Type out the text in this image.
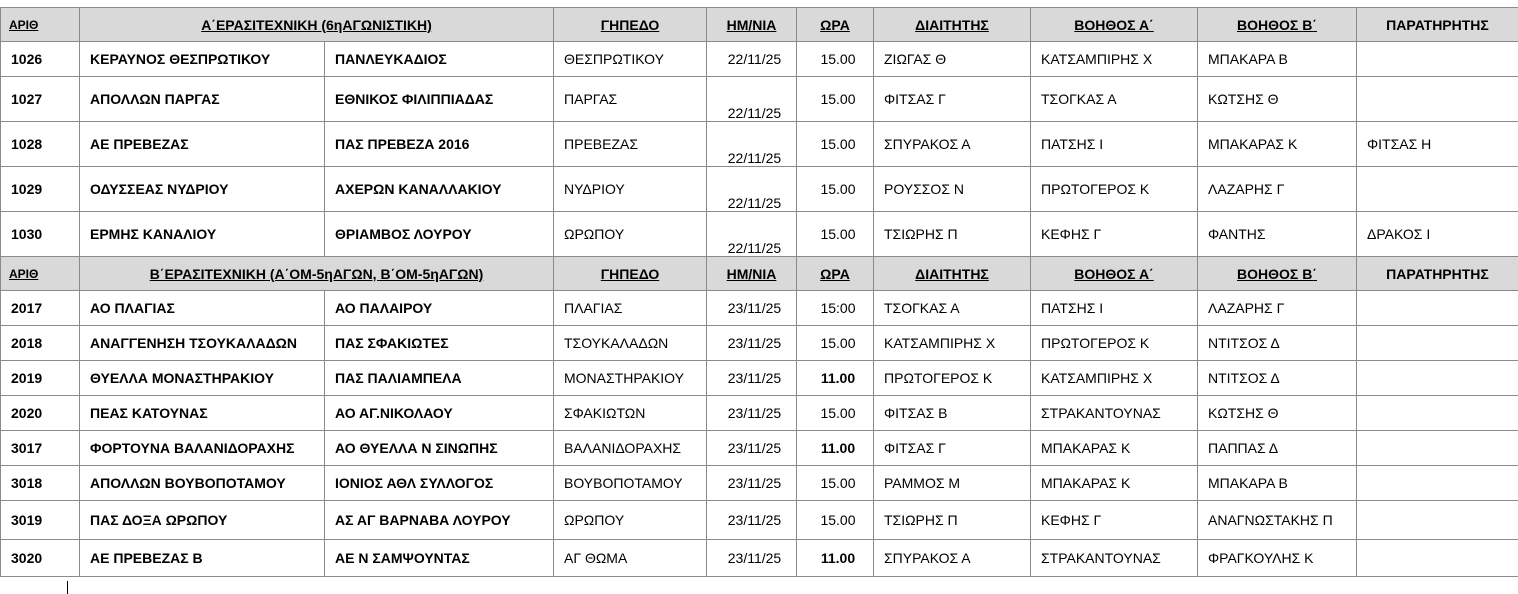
ΑΡΙΘ	Α΄ΕΡΑΣΙΤΕΧΝΙΚΗ (6ηΑΓΩΝΙΣΤΙΚΗ)		ΓΗΠΕΔΟ	ΗΜ/ΝΙΑ	ΩΡΑ	ΔΙΑΙΤΗΤΗΣ	ΒΟΗΘΟΣ Α΄	ΒΟΗΘΟΣ Β΄	ΠΑΡΑΤΗΡΗΤΗΣ
1026	ΚΕΡΑΥΝΟΣ ΘΕΣΠΡΩΤΙΚΟΥ	ΠΑΝΛΕΥΚΑΔΙΟΣ	ΘΕΣΠΡΩΤΙΚΟΥ	22/11/25	15.00	ΖΙΩΓΑΣ Θ	ΚΑΤΣΑΜΠΙΡΗΣ Χ	ΜΠΑΚΑΡΑ Β	
1027	ΑΠΟΛΛΩΝ ΠΑΡΓΑΣ	ΕΘΝΙΚΟΣ ΦΙΛΙΠΠΙΑΔΑΣ	ΠΑΡΓΑΣ	22/11/25	15.00	ΦΙΤΣΑΣ Γ	ΤΣΟΓΚΑΣ Α	ΚΩΤΣΗΣ Θ	
1028	ΑΕ ΠΡΕΒΕΖΑΣ	ΠΑΣ ΠΡΕΒΕΖΑ 2016	ΠΡΕΒΕΖΑΣ	22/11/25	15.00	ΣΠΥΡΑΚΟΣ Α	ΠΑΤΣΗΣ Ι	ΜΠΑΚΑΡΑΣ Κ	ΦΙΤΣΑΣ Η
1029	ΟΔΥΣΣΕΑΣ ΝΥΔΡΙΟΥ	ΑΧΕΡΩΝ ΚΑΝΑΛΛΑΚΙΟΥ	ΝΥΔΡΙΟΥ	22/11/25	15.00	ΡΟΥΣΣΟΣ Ν	ΠΡΩΤΟΓΕΡΟΣ Κ	ΛΑΖΑΡΗΣ Γ	
1030	ΕΡΜΗΣ ΚΑΝΑΛΙΟΥ	ΘΡΙΑΜΒΟΣ ΛΟΥΡΟΥ	ΩΡΩΠΟΥ	22/11/25	15.00	ΤΣΙΩΡΗΣ Π	ΚΕΦΗΣ Γ	ΦΑΝΤΗΣ	ΔΡΑΚΟΣ Ι
ΑΡΙΘ	Β΄ΕΡΑΣΙΤΕΧΝΙΚΗ (Α΄ΟΜ-5ηΑΓΩΝ, Β΄ΟΜ-5ηΑΓΩΝ)		ΓΗΠΕΔΟ	ΗΜ/ΝΙΑ	ΩΡΑ	ΔΙΑΙΤΗΤΗΣ	ΒΟΗΘΟΣ Α΄	ΒΟΗΘΟΣ Β΄	ΠΑΡΑΤΗΡΗΤΗΣ
2017	ΑΟ ΠΛΑΓΙΑΣ	ΑΟ ΠΑΛΑΙΡΟΥ	ΠΛΑΓΙΑΣ	23/11/25	15:00	ΤΣΟΓΚΑΣ Α	ΠΑΤΣΗΣ Ι	ΛΑΖΑΡΗΣ Γ	
2018	ΑΝΑΓΓΕΝΗΣΗ ΤΣΟΥΚΑΛΑΔΩΝ	ΠΑΣ ΣΦΑΚΙΩΤΕΣ	ΤΣΟΥΚΑΛΑΔΩΝ	23/11/25	15.00	ΚΑΤΣΑΜΠΙΡΗΣ Χ	ΠΡΩΤΟΓΕΡΟΣ Κ	ΝΤΙΤΣΟΣ Δ	
2019	ΘΥΕΛΛΑ ΜΟΝΑΣΤΗΡΑΚΙΟΥ	ΠΑΣ ΠΑΛΙΑΜΠΕΛΑ	ΜΟΝΑΣΤΗΡΑΚΙΟΥ	23/11/25	11.00	ΠΡΩΤΟΓΕΡΟΣ Κ	ΚΑΤΣΑΜΠΙΡΗΣ Χ	ΝΤΙΤΣΟΣ Δ	
2020	ΠΕΑΣ ΚΑΤΟΥΝΑΣ	ΑΟ ΑΓ.ΝΙΚΟΛΑΟΥ	ΣΦΑΚΙΩΤΩΝ	23/11/25	15.00	ΦΙΤΣΑΣ Β	ΣΤΡΑΚΑΝΤΟΥΝΑΣ	ΚΩΤΣΗΣ Θ	
3017	ΦΟΡΤΟΥΝΑ ΒΑΛΑΝΙΔΟΡΑΧΗΣ	ΑΟ ΘΥΕΛΛΑ Ν ΣΙΝΩΠΗΣ	ΒΑΛΑΝΙΔΟΡΑΧΗΣ	23/11/25	11.00	ΦΙΤΣΑΣ Γ	ΜΠΑΚΑΡΑΣ Κ	ΠΑΠΠΑΣ Δ	
3018	ΑΠΟΛΛΩΝ ΒΟΥΒΟΠΟΤΑΜΟΥ	ΙΟΝΙΟΣ ΑΘΛ ΣΥΛΛΟΓΟΣ	ΒΟΥΒΟΠΟΤΑΜΟΥ	23/11/25	15.00	ΡΑΜΜΟΣ Μ	ΜΠΑΚΑΡΑΣ Κ	ΜΠΑΚΑΡΑ Β	
3019	ΠΑΣ ΔΟΞΑ ΩΡΩΠΟΥ	ΑΣ ΑΓ ΒΑΡΝΑΒΑ ΛΟΥΡΟΥ	ΩΡΩΠΟΥ	23/11/25	15.00	ΤΣΙΩΡΗΣ Π	ΚΕΦΗΣ Γ	ΑΝΑΓΝΩΣΤΑΚΗΣ Π	
3020	ΑΕ ΠΡΕΒΕΖΑΣ Β	ΑΕ Ν ΣΑΜΨΟΥΝΤΑΣ	ΑΓ ΘΩΜΑ	23/11/25	11.00	ΣΠΥΡΑΚΟΣ Α	ΣΤΡΑΚΑΝΤΟΥΝΑΣ	ΦΡΑΓΚΟΥΛΗΣ Κ	
